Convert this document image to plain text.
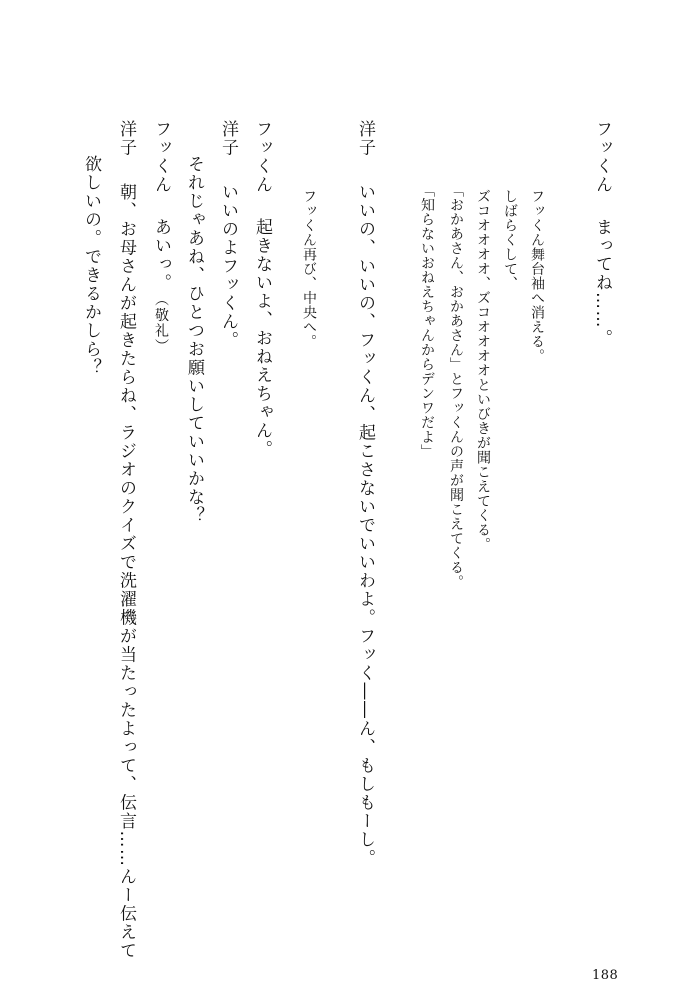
フッくんまってね……。
フッくん舞台袖へ消える。
しばらくして、
ズコオオオオ、ズコオオオオといびきが聞こえてくる。
「おかあさん、おかあさん」とフッくんの声が聞こえてくる。
「知らないおねえちゃんからデンワだよ」
洋子いいの、いいの、フッくん、起こさないでいいわよ。フッく――ん、もしもーし。
フッくん再び、中央へ。
フッくん起きないよ、おねえちゃん。
洋子いいのよフッくん。
それじゃあね、ひとつお願いしていいかな？
フッくんあいっ。（敬礼）
洋子朝、お母さんが起きたらね、ラジオのクイズで洗濯機が当たったよって、伝言……んー伝えて
欲しいの。できるかしら？
188
